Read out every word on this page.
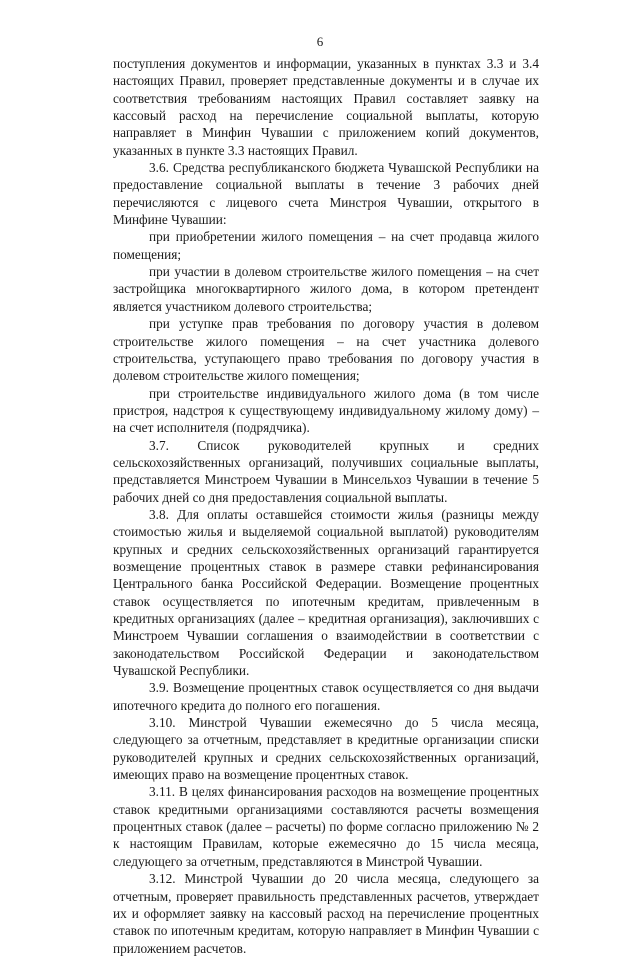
6

поступления документов и информации, указанных в пунктах 3.3 и 3.4 настоящих Правил, проверяет представленные документы и в случае их соответствия требованиям настоящих Правил составляет заявку на кассовый расход на перечисление социальной выплаты, которую направляет в Минфин Чувашии с приложением копий документов, указанных в пункте 3.3 настоящих Правил.

3.6. Средства республиканского бюджета Чувашской Республики на предоставление социальной выплаты в течение 3 рабочих дней перечисляются с лицевого счета Минстроя Чувашии, открытого в Минфине Чувашии:

при приобретении жилого помещения – на счет продавца жилого помещения;

при участии в долевом строительстве жилого помещения – на счет застройщика многоквартирного жилого дома, в котором претендент является участником долевого строительства;

при уступке прав требования по договору участия в долевом строительстве жилого помещения – на счет участника долевого строительства, уступающего право требования по договору участия в долевом строительстве жилого помещения;

при строительстве индивидуального жилого дома (в том числе пристроя, надстроя к существующему индивидуальному жилому дому) – на счет исполнителя (подрядчика).

3.7. Список руководителей крупных и средних сельскохозяйственных организаций, получивших социальные выплаты, представляется Минстроем Чувашии в Минсельхоз Чувашии в течение 5 рабочих дней со дня предоставления социальной выплаты.

3.8. Для оплаты оставшейся стоимости жилья (разницы между стоимостью жилья и выделяемой социальной выплатой) руководителям крупных и средних сельскохозяйственных организаций гарантируется возмещение процентных ставок в размере ставки рефинансирования Центрального банка Российской Федерации. Возмещение процентных ставок осуществляется по ипотечным кредитам, привлеченным в кредитных организациях (далее – кредитная организация), заключивших с Минстроем Чувашии соглашения о взаимодействии в соответствии с законодательством Российской Федерации и законодательством Чувашской Республики.

3.9. Возмещение процентных ставок осуществляется со дня выдачи ипотечного кредита до полного его погашения.

3.10. Минстрой Чувашии ежемесячно до 5 числа месяца, следующего за отчетным, представляет в кредитные организации списки руководителей крупных и средних сельскохозяйственных организаций, имеющих право на возмещение процентных ставок.

3.11. В целях финансирования расходов на возмещение процентных ставок кредитными организациями составляются расчеты возмещения процентных ставок (далее – расчеты) по форме согласно приложению № 2 к настоящим Правилам, которые ежемесячно до 15 числа месяца, следующего за отчетным, представляются в Минстрой Чувашии.

3.12. Минстрой Чувашии до 20 числа месяца, следующего за отчетным, проверяет правильность представленных расчетов, утверждает их и оформляет заявку на кассовый расход на перечисление процентных ставок по ипотечным кредитам, которую направляет в Минфин Чувашии с приложением расчетов.
